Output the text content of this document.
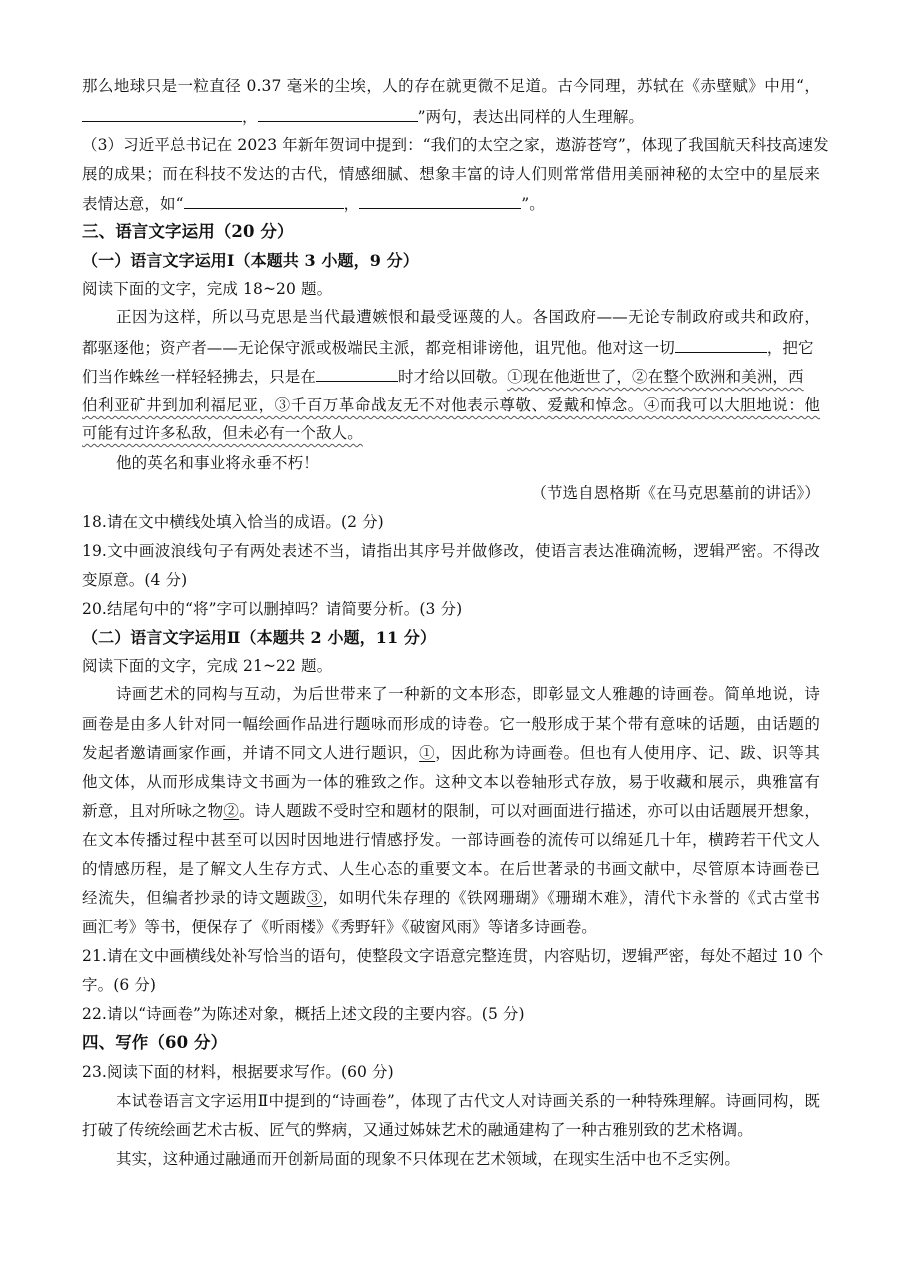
那么地球只是一粒直径 0.37 毫米的尘埃，人的存在就更微不足道。古今同理，苏轼在《赤壁赋》中用“，
，	”两句，表达出同样的人生理解。
（3）习近平总书记在 2023 年新年贺词中提到：“我们的太空之家，遨游苍穹”，体现了我国航天科技高速发
展的成果；而在科技不发达的古代，情感细腻、想象丰富的诗人们则常常借用美丽神秘的太空中的星辰来
表情达意，如“	，	”。
三、语言文字运用（20 分）
（一）语言文字运用Ⅰ（本题共 3 小题，9 分）
阅读下面的文字，完成 18~20 题。
正因为这样，所以马克思是当代最遭嫉恨和最受诬蔑的人。各国政府——无论专制政府或共和政府，
都驱逐他；资产者——无论保守派或极端民主派，都竞相诽谤他，诅咒他。他对这一切	，把它
们当作蛛丝一样轻轻拂去，只是在	时才给以回敬。①现在他逝世了，②在整个欧洲和美洲，西
伯利亚矿井到加利福尼亚，③千百万革命战友无不对他表示尊敬、爱戴和悼念。④而我可以大胆地说：他
可能有过许多私敌，但未必有一个敌人。
他的英名和事业将永垂不朽！
（节选自恩格斯《在马克思墓前的讲话》）
18.请在文中横线处填入恰当的成语。(2 分)
19.文中画波浪线句子有两处表述不当，请指出其序号并做修改，使语言表达准确流畅，逻辑严密。不得改
变原意。(4 分)
20.结尾句中的“将”字可以删掉吗？请简要分析。(3 分)
（二）语言文字运用Ⅱ（本题共 2 小题，11 分）
阅读下面的文字，完成 21~22 题。
诗画艺术的同构与互动，为后世带来了一种新的文本形态，即彰显文人雅趣的诗画卷。简单地说，诗
画卷是由多人针对同一幅绘画作品进行题咏而形成的诗卷。它一般形成于某个带有意味的话题，由话题的
发起者邀请画家作画，并请不同文人进行题识，①，因此称为诗画卷。但也有人使用序、记、跋、识等其
他文体，从而形成集诗文书画为一体的雅致之作。这种文本以卷轴形式存放，易于收藏和展示，典雅富有
新意，且对所咏之物②。诗人题跋不受时空和题材的限制，可以对画面进行描述，亦可以由话题展开想象，
在文本传播过程中甚至可以因时因地进行情感抒发。一部诗画卷的流传可以绵延几十年，横跨若干代文人
的情感历程，是了解文人生存方式、人生心态的重要文本。在后世著录的书画文献中，尽管原本诗画卷已
经流失，但编者抄录的诗文题跋③，如明代朱存理的《铁网珊瑚》《珊瑚木难》，清代卞永誉的《式古堂书
画汇考》等书，便保存了《听雨楼》《秀野轩》《破窗风雨》等诸多诗画卷。
21.请在文中画横线处补写恰当的语句，使整段文字语意完整连贯，内容贴切，逻辑严密，每处不超过 10 个
字。(6 分)
22.请以“诗画卷”为陈述对象，概括上述文段的主要内容。(5 分)
四、写作（60 分）
23.阅读下面的材料，根据要求写作。(60 分)
本试卷语言文字运用Ⅱ中提到的“诗画卷”，体现了古代文人对诗画关系的一种特殊理解。诗画同构，既
打破了传统绘画艺术古板、匠气的弊病，又通过姊妹艺术的融通建构了一种古雅别致的艺术格调。
其实，这种通过融通而开创新局面的现象不只体现在艺术领域，在现实生活中也不乏实例。
